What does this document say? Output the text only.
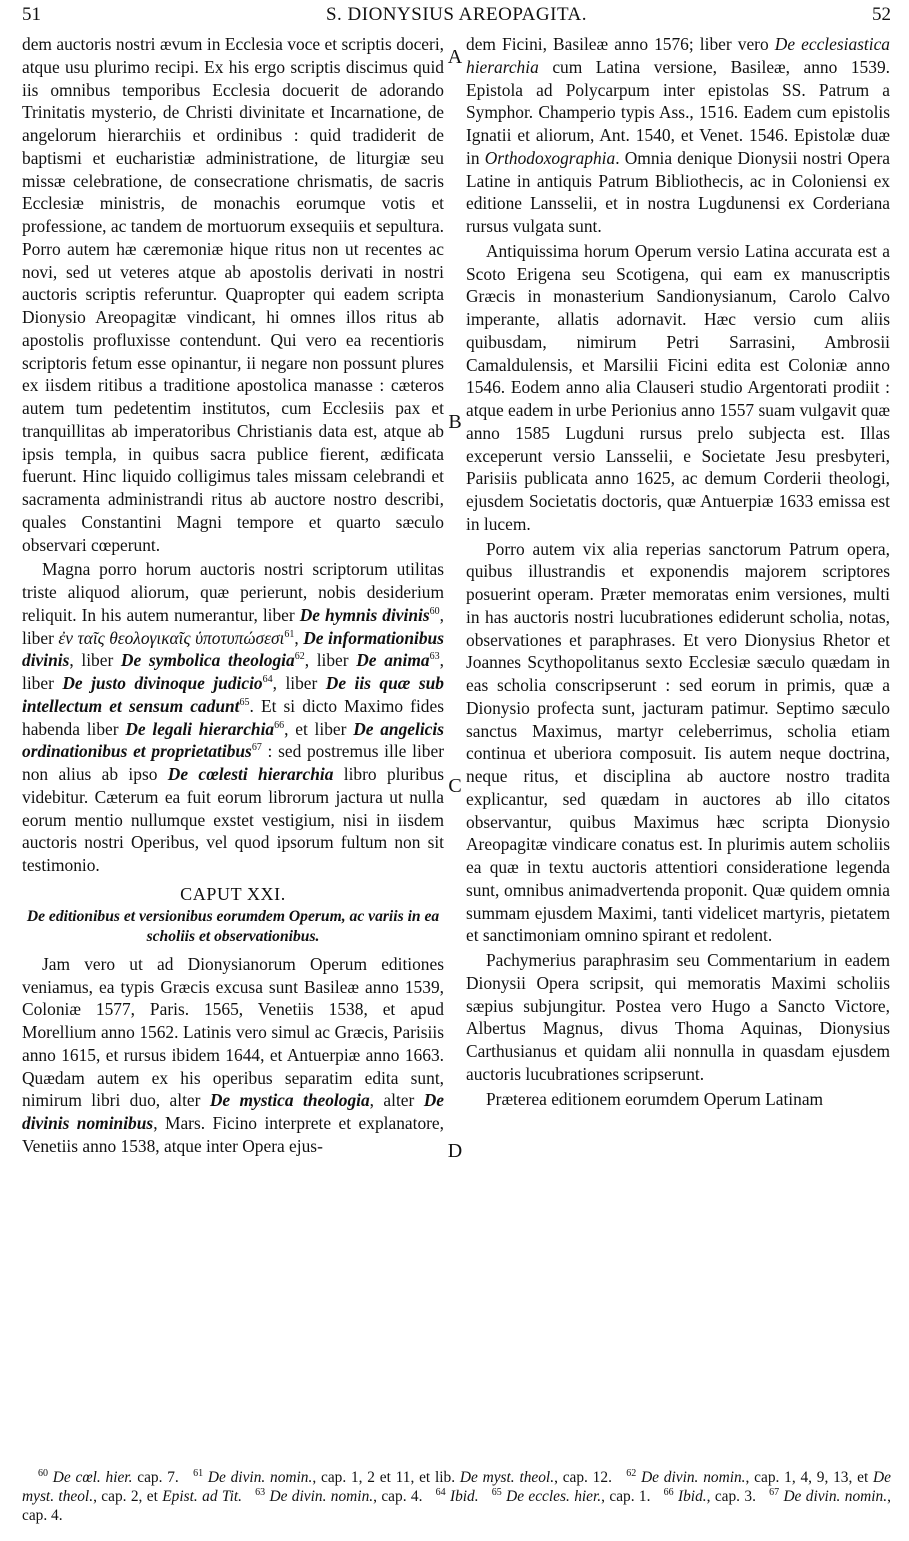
51	S. DIONYSIUS AREOPAGITA.	52

dem auctoris nostri ævum in Ecclesia voce et scriptis doceri, atque usu plurimo recipi. Ex his ergo scriptis discimus quid iis omnibus temporibus Ecclesia docuerit de adorando Trinitatis mysterio, de Christi divinitate et Incarnatione, de angelorum hierarchiis et ordinibus : quid tradiderit de baptismi et eucharistiæ administratione, de liturgiæ seu missæ celebratione, de consecratione chrismatis, de sacris Ecclesiæ ministris, de monachis eorumque votis et professione, ac tandem de mortuorum exsequiis et sepultura. Porro autem hæ cæremoniæ hique ritus non ut recentes ac novi, sed ut veteres atque ab apostolis derivati in nostri auctoris scriptis referuntur. Quapropter qui eadem scripta Dionysio Areopagitæ vindicant, hi omnes illos ritus ab apostolis profluxisse contendunt. Qui vero ea recentioris scriptoris fetum esse opinantur, ii negare non possunt plures ex iisdem ritibus a traditione apostolica manasse : cæteros autem tum pedetentim institutos, cum Ecclesiis pax et tranquillitas ab imperatoribus Christianis data est, atque ab ipsis templa, in quibus sacra publice fierent, ædificata fuerunt. Hinc liquido colligimus tales missam celebrandi et sacramenta administrandi ritus ab auctore nostro describi, quales Constantini Magni tempore et quarto sæculo observari cœperunt.

Magna porro horum auctoris nostri scriptorum utilitas triste aliquod aliorum, quæ perierunt, nobis desiderium reliquit. In his autem numerantur, liber De hymnis divinis$^{60}$, liber ἐν ταῖς θεολογικαῖς ὑποτυπώσεσι$^{61}$, De informationibus divinis, liber De symbolica theologia$^{62}$, liber De anima$^{63}$, liber De justo divinoque judicio$^{64}$, liber De iis quæ sub intellectum et sensum cadunt$^{65}$. Et si dicto Maximo fides habenda liber De legali hierarchia$^{66}$, et liber De angelicis ordinationibus et proprietatibus$^{67}$ : sed postremus ille liber non alius ab ipso De cœlesti hierarchia libro pluribus videbitur. Cæterum ea fuit eorum librorum jactura ut nulla eorum mentio nullumque exstet vestigium, nisi in iisdem auctoris nostri Operibus, vel quod ipsorum fultum non sit testimonio.

CAPUT XXI.
De editionibus et versionibus eorumdem Operum, ac variis in ea scholiis et observationibus.

Jam vero ut ad Dionysianorum Operum editiones veniamus, ea typis Græcis excusa sunt Basileæ anno 1539, Coloniæ 1577, Paris. 1565, Venetiis 1538, et apud Morellium anno 1562. Latinis vero simul ac Græcis, Parisiis anno 1615, et rursus ibidem 1644, et Antuerpiæ anno 1663. Quædam autem ex his operibus separatim edita sunt, nimirum libri duo, alter De mystica theologia, alter De divinis nominibus, Mars. Ficino interprete et explanatore, Venetiis anno 1538, atque inter Opera ejus-

A
B
C
D

dem Ficini, Basileæ anno 1576; liber vero De ecclesiastica hierarchia cum Latina versione, Basileæ, anno 1539. Epistola ad Polycarpum inter epistolas SS. Patrum a Symphor. Champerio typis Ass., 1516. Eadem cum epistolis Ignatii et aliorum, Ant. 1540, et Venet. 1546. Epistolæ duæ in Orthodoxographia. Omnia denique Dionysii nostri Opera Latine in antiquis Patrum Bibliothecis, ac in Coloniensi ex editione Lansselii, et in nostra Lugdunensi ex Corderiana rursus vulgata sunt.

Antiquissima horum Operum versio Latina accurata est a Scoto Erigena seu Scotigena, qui eam ex manuscriptis Græcis in monasterium Sandionysianum, Carolo Calvo imperante, allatis adornavit. Hæc versio cum aliis quibusdam, nimirum Petri Sarrasini, Ambrosii Camaldulensis, et Marsilii Ficini edita est Coloniæ anno 1546. Eodem anno alia Clauseri studio Argentorati prodiit : atque eadem in urbe Perionius anno 1557 suam vulgavit quæ anno 1585 Lugduni rursus prelo subjecta est. Illas exceperunt versio Lansselii, e Societate Jesu presbyteri, Parisiis publicata anno 1625, ac demum Corderii theologi, ejusdem Societatis doctoris, quæ Antuerpiæ 1633 emissa est in lucem.

Porro autem vix alia reperias sanctorum Patrum opera, quibus illustrandis et exponendis majorem scriptores posuerint operam. Præter memoratas enim versiones, multi in has auctoris nostri lucubrationes ediderunt scholia, notas, observationes et paraphrases. Et vero Dionysius Rhetor et Joannes Scythopolitanus sexto Ecclesiæ sæculo quædam in eas scholia conscripserunt : sed eorum in primis, quæ a Dionysio profecta sunt, jacturam patimur. Septimo sæculo sanctus Maximus, martyr celeberrimus, scholia etiam continua et uberiora composuit. Iis autem neque doctrina, neque ritus, et disciplina ab auctore nostro tradita explicantur, sed quædam in auctores ab illo citatos observantur, quibus Maximus hæc scripta Dionysio Areopagitæ vindicare conatus est. In plurimis autem scholiis ea quæ in textu auctoris attentiori consideratione legenda sunt, omnibus animadvertenda proponit. Quæ quidem omnia summam ejusdem Maximi, tanti videlicet martyris, pietatem et sanctimoniam omnino spirant et redolent.

Pachymerius paraphrasim seu Commentarium in eadem Dionysii Opera scripsit, qui memoratis Maximi scholiis sæpius subjungitur. Postea vero Hugo a Sancto Victore, Albertus Magnus, divus Thoma Aquinas, Dionysius Carthusianus et quidam alii nonnulla in quasdam ejusdem auctoris lucubrationes scripserunt.

Præterea editionem eorumdem Operum Latinam

$^{60}$ De cœl. hier. cap. 7. $^{61}$ De divin. nomin., cap. 1, 2 et 11, et lib. De myst. theol., cap. 12. $^{62}$ De divin. nomin., cap. 1, 4, 9, 13, et De myst. theol., cap. 2, et Epist. ad Tit. $^{63}$ De divin. nomin., cap. 4. $^{64}$ Ibid. $^{65}$ De eccles. hier., cap. 1. $^{66}$ Ibid., cap. 3. $^{67}$ De divin. nomin., cap. 4.
